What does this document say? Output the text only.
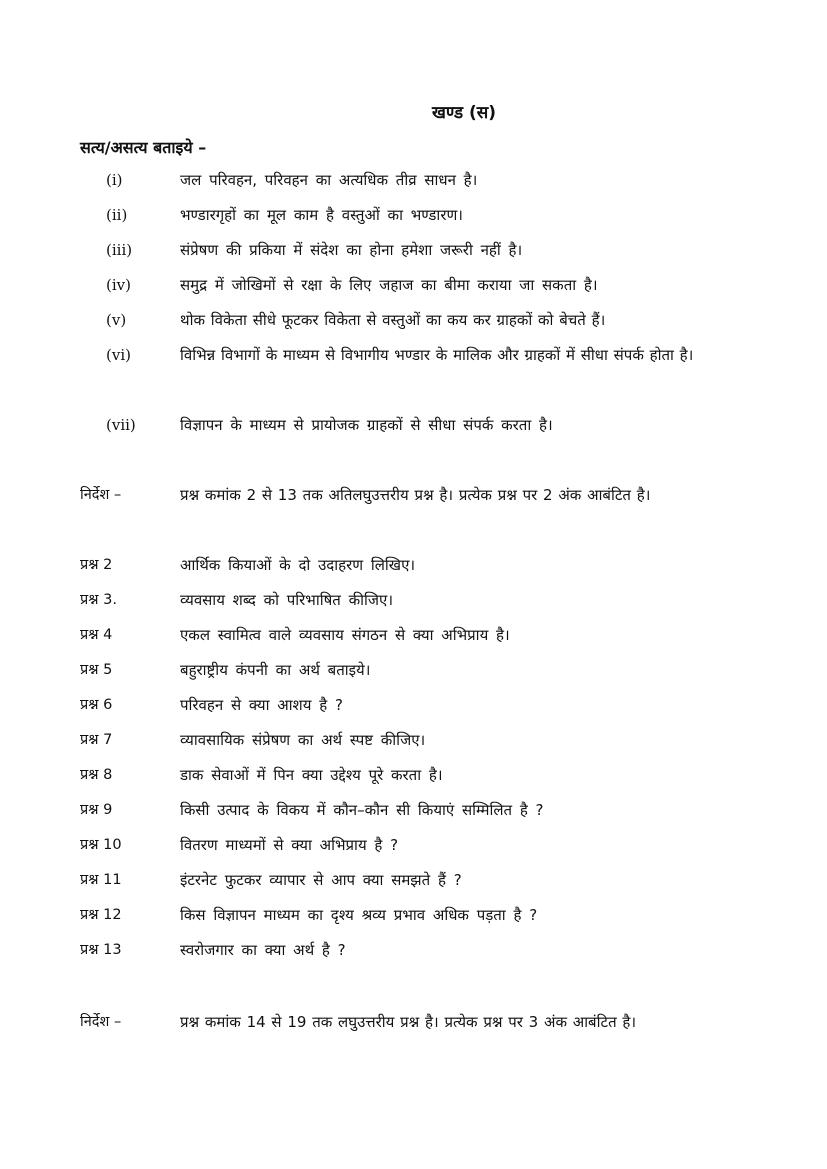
खण्ड (स)
सत्य/असत्य बताइये –
(i)	जल परिवहन, परिवहन का अत्यधिक तीव्र साधन है।
(ii)	भण्डारगृहों का मूल काम है वस्तुओं का भण्डारण।
(iii)	संप्रेषण की प्रकिया में संदेश का होना हमेशा जरूरी नहीं है।
(iv)	समुद्र में जोखिमों से रक्षा के लिए जहाज का बीमा कराया जा सकता है।
(v)	थोक विकेता सीधे फूटकर विकेता से वस्तुओं का कय कर ग्राहकों को बेचते हैं।
(vi)	विभिन्न विभागों के माध्यम से विभागीय भण्डार के मालिक और ग्राहकों में सीधा संपर्क होता है।
(vii)	विज्ञापन के माध्यम से प्रायोजक ग्राहकों से सीधा संपर्क करता है।
निर्देश –	प्रश्न कमांक 2 से 13 तक अतिलघुउत्तरीय प्रश्न है। प्रत्येक प्रश्न पर 2 अंक आबंटित है।
प्रश्न 2	आर्थिक कियाओं के दो उदाहरण लिखिए।
प्रश्न 3.	व्यवसाय शब्द को परिभाषित कीजिए।
प्रश्न 4	एकल स्वामित्व वाले व्यवसाय संगठन से क्या अभिप्राय है।
प्रश्न 5	बहुराष्ट्रीय कंपनी का अर्थ बताइये।
प्रश्न 6	परिवहन से क्या आशय है ?
प्रश्न 7	व्यावसायिक संप्रेषण का अर्थ स्पष्ट कीजिए।
प्रश्न 8	डाक सेवाओं में पिन क्या उद्देश्य पूरे करता है।
प्रश्न 9	किसी उत्पाद के विकय में कौन–कौन सी कियाएं सम्मिलित है ?
प्रश्न 10	वितरण माध्यमों से क्या अभिप्राय है ?
प्रश्न 11	इंटरनेट फुटकर व्यापार से आप क्या समझते हैं ?
प्रश्न 12	किस विज्ञापन माध्यम का दृश्य श्रव्य प्रभाव अधिक पड़ता है ?
प्रश्न 13	स्वरोजगार का क्या अर्थ है ?
निर्देश –	प्रश्न कमांक 14 से 19 तक लघुउत्तरीय प्रश्न है। प्रत्येक प्रश्न पर 3 अंक आबंटित है।
